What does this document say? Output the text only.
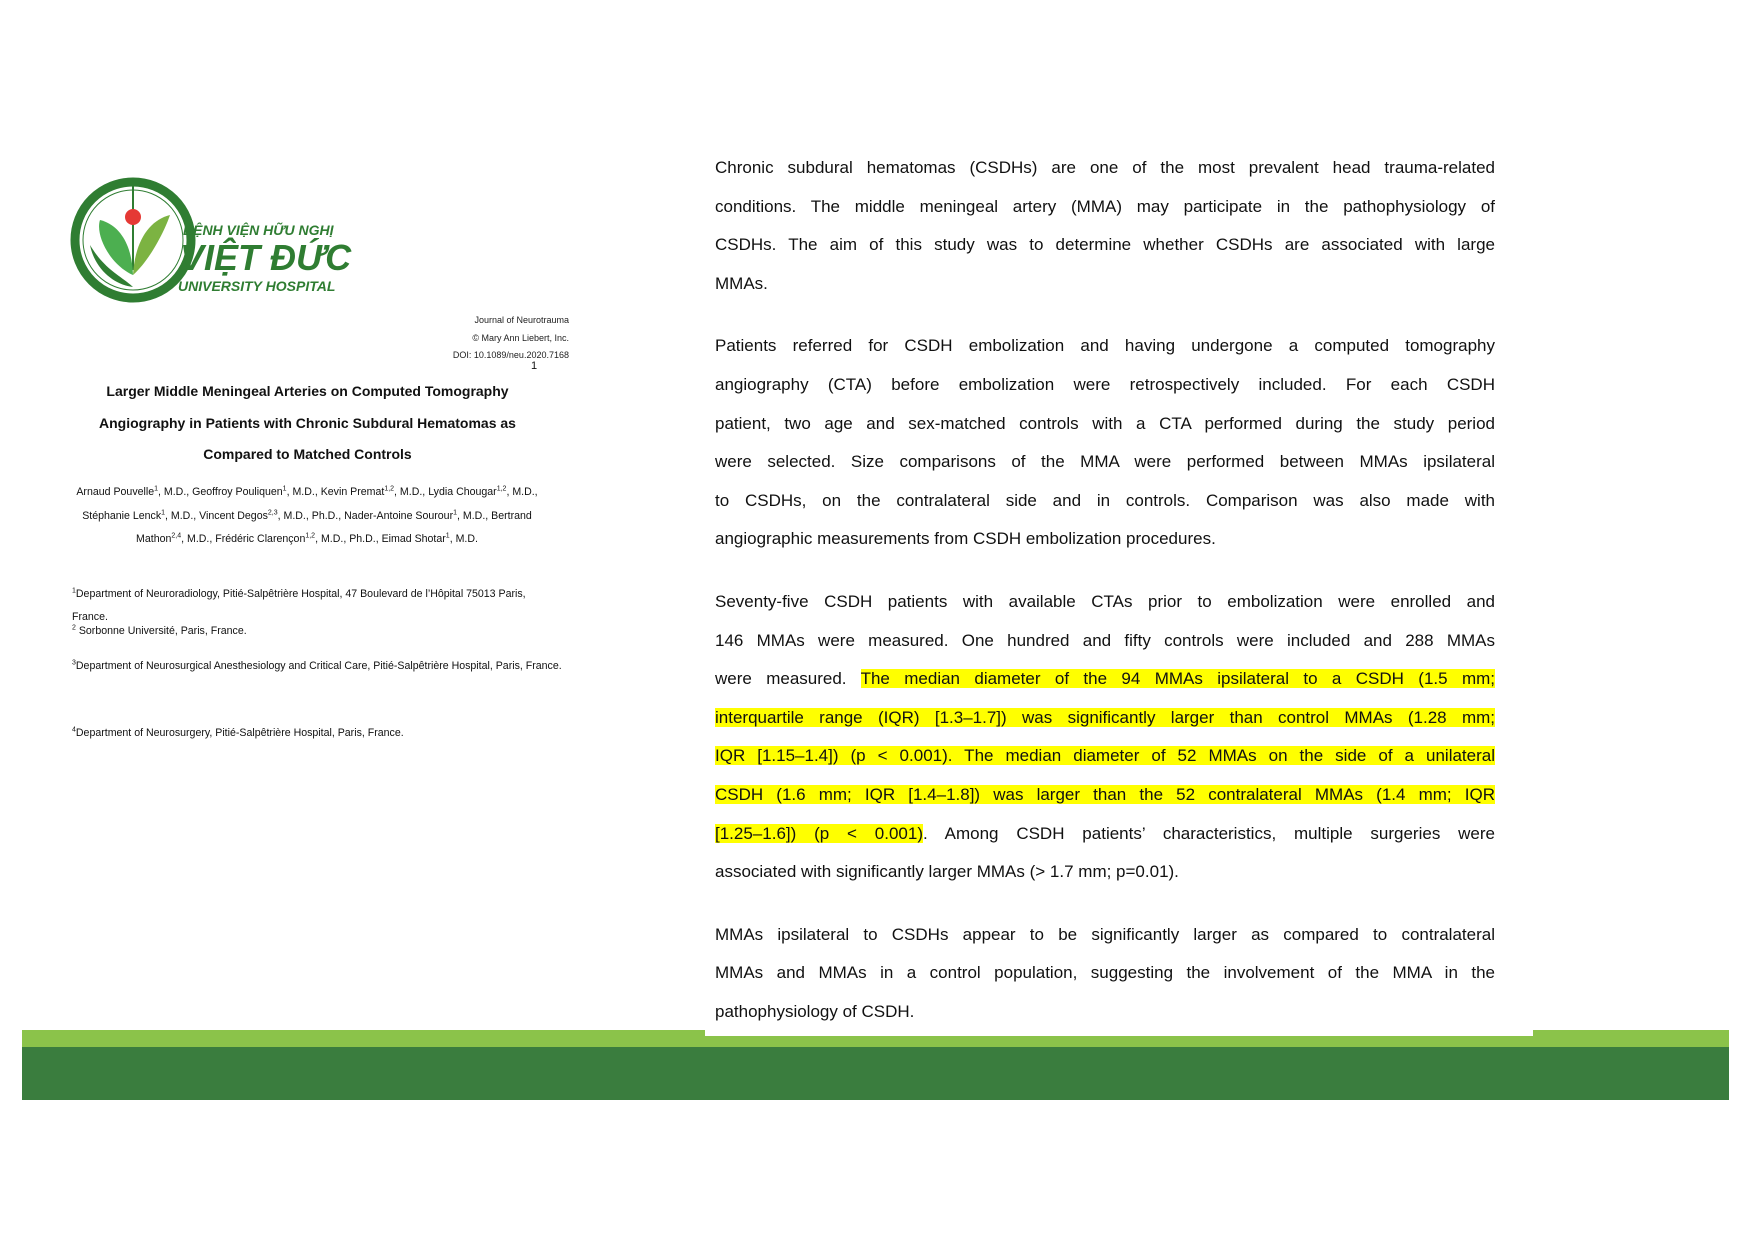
BỆNH VIỆN HỮU NGHỊ
VIỆT ĐỨC
UNIVERSITY HOSPITAL
Journal of Neurotrauma
© Mary Ann Liebert, Inc.
DOI: 10.1089/neu.2020.7168
1
Larger Middle Meningeal Arteries on Computed Tomography
Angiography in Patients with Chronic Subdural Hematomas as
Compared to Matched Controls
Arnaud Pouvelle$^1$, M.D., Geoffroy Pouliquen$^1$, M.D., Kevin Premat$^{1,2}$, M.D., Lydia Chougar$^{1,2}$, M.D., Stéphanie Lenck$^1$, M.D., Vincent Degos$^{2,3}$, M.D., Ph.D., Nader-Antoine Sourour$^1$, M.D., Bertrand Mathon$^{2,4}$, M.D., Frédéric Clarençon$^{1,2}$, M.D., Ph.D., Eimad Shotar$^1$, M.D.
$^1$Department of Neuroradiology, Pitié-Salpêtrière Hospital, 47 Boulevard de l’Hôpital 75013 Paris, France.
$^2$ Sorbonne Université, Paris, France.
$^3$Department of Neurosurgical Anesthesiology and Critical Care, Pitié-Salpêtrière Hospital, Paris, France.
$^4$Department of Neurosurgery, Pitié-Salpêtrière Hospital, Paris, France.
Chronic subdural hematomas (CSDHs) are one of the most prevalent head trauma-related
conditions. The middle meningeal artery (MMA) may participate in the pathophysiology of
CSDHs. The aim of this study was to determine whether CSDHs are associated with large
MMAs.
Patients referred for CSDH embolization and having undergone a computed tomography
angiography (CTA) before embolization were retrospectively included. For each CSDH
patient, two age and sex-matched controls with a CTA performed during the study period
were selected. Size comparisons of the MMA were performed between MMAs ipsilateral
to CSDHs, on the contralateral side and in controls. Comparison was also made with
angiographic measurements from CSDH embolization procedures.
Seventy-five CSDH patients with available CTAs prior to embolization were enrolled and
146 MMAs were measured. One hundred and fifty controls were included and 288 MMAs
were measured. The median diameter of the 94 MMAs ipsilateral to a CSDH (1.5 mm;
interquartile range (IQR) [1.3–1.7]) was significantly larger than control MMAs (1.28 mm;
IQR [1.15–1.4]) (p < 0.001). The median diameter of 52 MMAs on the side of a unilateral
CSDH (1.6 mm; IQR [1.4–1.8]) was larger than the 52 contralateral MMAs (1.4 mm; IQR
[1.25–1.6]) (p < 0.001). Among CSDH patients’ characteristics, multiple surgeries were
associated with significantly larger MMAs (> 1.7 mm; p=0.01).
MMAs ipsilateral to CSDHs appear to be significantly larger as compared to contralateral
MMAs and MMAs in a control population, suggesting the involvement of the MMA in the
pathophysiology of CSDH.
